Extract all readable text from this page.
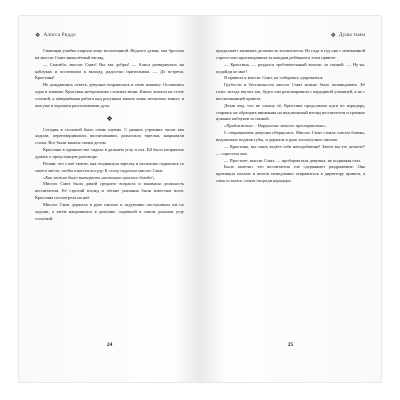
❖ Алисса Риддл

Сияющая улыбка озарила лицо воспитанной. Недолго думая, она бросила на миссис Смит мимолётный взгляд.

— Спасибо, миссис Смит! Вы так добры! — Алиса развернулась на каблуках и поспешила к выходу, радостно притопывая. — До встречи, Кристина!

Не дождавшись ответа, девушка отправилась в свою комнату. Оставшись одна в тишине, Кристина неторопливо сложила вещи. Книги лежали на столе стопкой, а завершённая работа над рисунком заняла лишь несколько минут, и она уже в хорошем расположении духа.

❖

Сегодня в столовой было очень шумно. С ранних утренних часов там ходили, переговаривались воспитанники, разносили тарелки, накрывали столы. Все были заняты своим делом.

Кристина в одиночестве сидела в дальнем углу и ела. Ей было неприятно думать о предстоящем разговоре.

Решив, что с неё хватит, она отодвинула тарелку и неспешно поднялась со своего места, чтобы отнести посуду. К столу подошла миссис Смит.

«Как можно было вытерпеть настолько простое блюдо!»

Миссис Смит была дамой среднего возраста и занимала должность воспитателя. Её строгий взгляд и чёткие указания были известны всем. Кристина посмотрела на неё.

Миссис Смит держала в руке письмо и задумчиво постукивала им по ладони, а затем направилась к девушке, сидевшей в самом дальнем углу столовой.

24
❖ Душа тьмы

продолжает занимать должность воспитателя. Из года в год она с неизменной строгостью присматривала за каждым ребёнком в этом приюте.

— Кристина, — раздался требовательный возглас за спиной. — Ну-ка, подойди ко мне!

Я привела к миссис Смит, не собираясь здороваться.

Грубости и бестактности миссис Смит можно было позавидовать. Её голос всегда звучал так, будто она разговаривала с нерадивой ученицей, а не с воспитанницей приюта.

Делая вид, что не слышу её, Кристина продолжала идти по коридору, стараясь не обращать внимания на недовольный взгляд воспитателя и громкое цоканье каблуков за спиной.

«Приближение… Нарушение личного пространства».

С отвращением девушка обернулась. Миссис Смит стояла совсем близко, недовольно поджав губы, и держала в руке злополучное письмо.

— Кристина, вы опять ведёте себя неподобающе! Зачем вы это делаете? — спросила она.

— Простите, миссис Смит, — пробормотала девушка, не поднимая глаз.

Было заметно, что воспитатель еле сдерживает раздражение. Она протянула письмо и велела немедленно отправиться к директору приюта, а сама осталась стоять посреди коридора.

25
